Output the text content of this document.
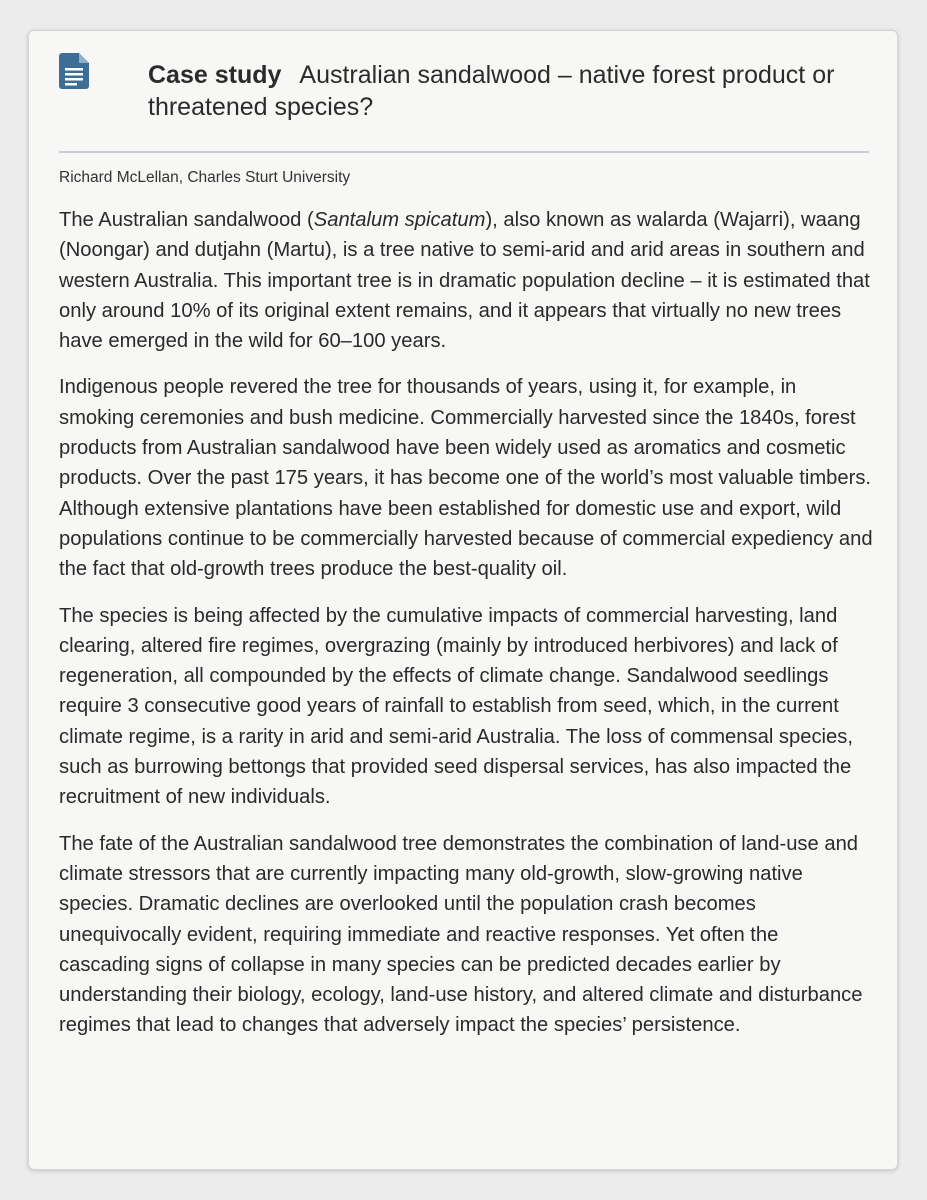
Case study Australian sandalwood – native forest product or threatened species?
Richard McLellan, Charles Sturt University

The Australian sandalwood (Santalum spicatum), also known as walarda (Wajarri), waang (Noongar) and dutjahn (Martu), is a tree native to semi-arid and arid areas in southern and western Australia. This important tree is in dramatic population decline – it is estimated that only around 10% of its original extent remains, and it appears that virtually no new trees have emerged in the wild for 60–100 years.

Indigenous people revered the tree for thousands of years, using it, for example, in smoking ceremonies and bush medicine. Commercially harvested since the 1840s, forest products from Australian sandalwood have been widely used as aromatics and cosmetic products. Over the past 175 years, it has become one of the world’s most valuable timbers. Although extensive plantations have been established for domestic use and export, wild populations continue to be commercially harvested because of commercial expediency and the fact that old-growth trees produce the best-quality oil.

The species is being affected by the cumulative impacts of commercial harvesting, land clearing, altered fire regimes, overgrazing (mainly by introduced herbivores) and lack of regeneration, all compounded by the effects of climate change. Sandalwood seedlings require 3 consecutive good years of rainfall to establish from seed, which, in the current climate regime, is a rarity in arid and semi-arid Australia. The loss of commensal species, such as burrowing bettongs that provided seed dispersal services, has also impacted the recruitment of new individuals.

The fate of the Australian sandalwood tree demonstrates the combination of land-use and climate stressors that are currently impacting many old-growth, slow-growing native species. Dramatic declines are overlooked until the population crash becomes unequivocally evident, requiring immediate and reactive responses. Yet often the cascading signs of collapse in many species can be predicted decades earlier by understanding their biology, ecology, land-use history, and altered climate and disturbance regimes that lead to changes that adversely impact the species’ persistence.
